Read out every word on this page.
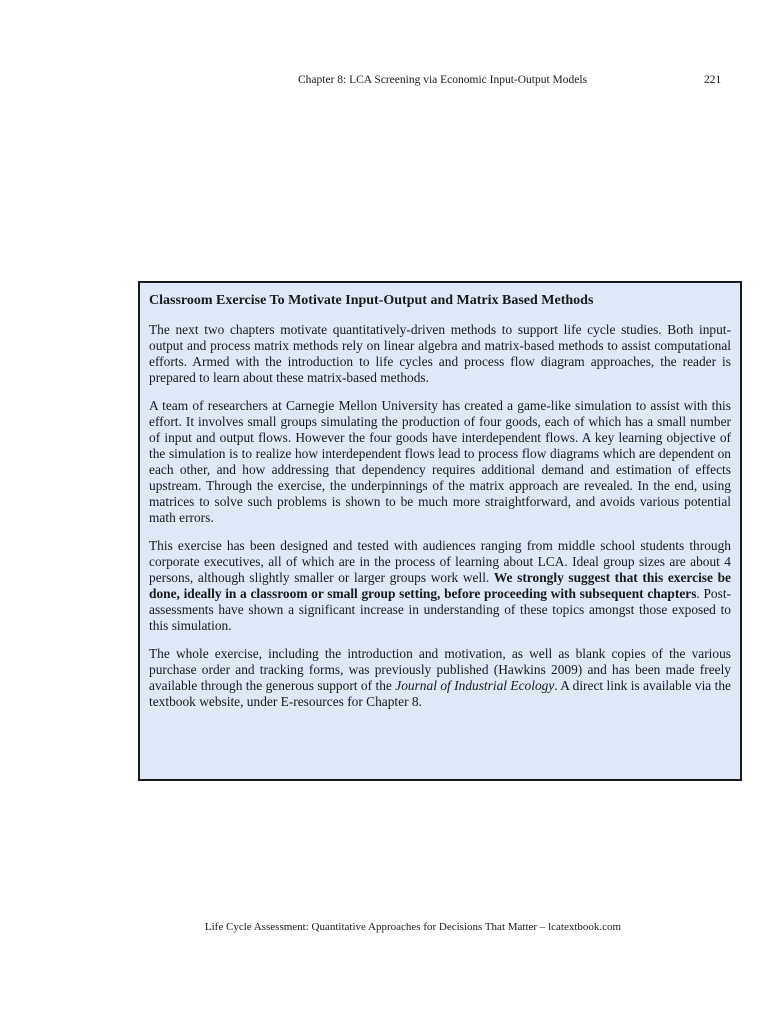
Chapter 8: LCA Screening via Economic Input-Output Models	221
Classroom Exercise To Motivate Input-Output and Matrix Based Methods

The next two chapters motivate quantitatively-driven methods to support life cycle studies. Both input-output and process matrix methods rely on linear algebra and matrix-based methods to assist computational efforts. Armed with the introduction to life cycles and process flow diagram approaches, the reader is prepared to learn about these matrix-based methods.

A team of researchers at Carnegie Mellon University has created a game-like simulation to assist with this effort. It involves small groups simulating the production of four goods, each of which has a small number of input and output flows. However the four goods have interdependent flows. A key learning objective of the simulation is to realize how interdependent flows lead to process flow diagrams which are dependent on each other, and how addressing that dependency requires additional demand and estimation of effects upstream. Through the exercise, the underpinnings of the matrix approach are revealed. In the end, using matrices to solve such problems is shown to be much more straightforward, and avoids various potential math errors.

This exercise has been designed and tested with audiences ranging from middle school students through corporate executives, all of which are in the process of learning about LCA. Ideal group sizes are about 4 persons, although slightly smaller or larger groups work well. We strongly suggest that this exercise be done, ideally in a classroom or small group setting, before proceeding with subsequent chapters. Post-assessments have shown a significant increase in understanding of these topics amongst those exposed to this simulation.

The whole exercise, including the introduction and motivation, as well as blank copies of the various purchase order and tracking forms, was previously published (Hawkins 2009) and has been made freely available through the generous support of the Journal of Industrial Ecology. A direct link is available via the textbook website, under E-resources for Chapter 8.

Life Cycle Assessment: Quantitative Approaches for Decisions That Matter – lcatextbook.com
